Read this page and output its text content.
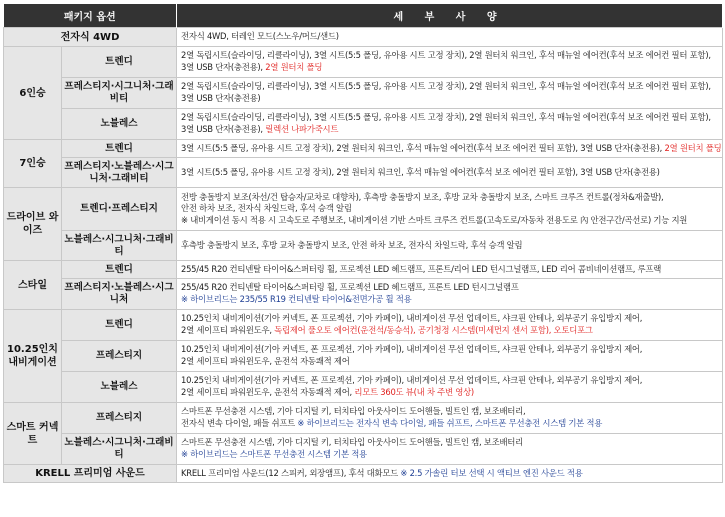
패키지 옵션		세 부 사 양
전자식 4WD		전자식 4WD, 터레인 모드(스노우/머드/샌드)
6인승	트렌디	2열 독립시트(슬라이딩, 리클라이닝), 3열 시트(5:5 폴딩, 유아용 시트 고정 장치), 2열 원터치 워크인, 후석 매뉴얼 에어컨(후석 보조 에어컨 필터 포함),
3열 USB 단자(충전용), 2열 원터치 폴딩

	프레스티지·시그니처·그래비티	2열 독립시트(슬라이딩, 리클라이닝), 3열 시트(5:5 폴딩, 유아용 시트 고정 장치), 2열 원터치 워크인, 후석 매뉴얼 에어컨(후석 보조 에어컨 필터 포함),
3열 USB 단자(충전용)

	노블레스	2열 독립시트(슬라이딩, 리클라이닝), 3열 시트(5:5 폴딩, 유아용 시트 고정 장치), 2열 원터치 워크인, 후석 매뉴얼 에어컨(후석 보조 에어컨 필터 포함),
3열 USB 단자(충전용), 릴렉션 나파가죽시트

7인승	트렌디	3열 시트(5:5 폴딩, 유아용 시트 고정 장치), 2열 원터치 워크인, 후석 매뉴얼 에어컨(후석 보조 에어컨 필터 포함), 3열 USB 단자(충전용), 2열 원터치 폴딩

	프레스티지·노블레스·시그니처·그래비티	3열 시트(5:5 폴딩, 유아용 시트 고정 장치), 2열 원터치 워크인, 후석 매뉴얼 에어컨(후석 보조 에어컨 필터 포함), 3열 USB 단자(충전용)
드라이브 와이즈	트렌디·프레스티지	전방 충돌방지 보조(차선/건 탑승자/교차로 대향차), 후측방 충돌방지 보조, 후방 교차 충돌방지 보조, 스마트 크루즈 컨트롤(정차&재출발),
안전 하차 보조, 전자식 차일드락, 후석 승객 알림
※ 내비게이션 동시 적용 시 고속도로 주행보조, 내비게이션 기반 스마트 크루즈 컨트롤(고속도로/자동차 전용도로 內 안전구간/곡선로) 기능 지원

	노블레스·시그니처·그래비티	후측방 충돌방지 보조, 후방 교차 충돌방지 보조, 안전 하차 보조, 전자식 차일드락, 후석 승객 알림
스타일	트렌디	255/45 R20 컨티넨탈 타이어&스퍼터링 휠, 프로젝션 LED 헤드램프, 프론트/리어 LED 턴시그널램프, LED 리어 콤비네이션램프, 루프랙
	프레스티지·노블레스·시그니처	255/45 R20 컨티넨탈 타이어&스퍼터링 휠, 프로젝션 LED 헤드램프, 프론트 LED 턴시그널램프
※ 하이브리드는 235/55 R19 컨티넨탈 타이어&전면가공 휠 적용

10.25인치 내비게이션	트렌디	10.25인치 내비게이션(기아 커넥트, 폰 프로젝션, 기아 카페이), 내비게이션 무선 업데이트, 샤크핀 안테나, 외부공기 유입방지 제어,
2열 세이프티 파워윈도우, 독립제어 풀오토 에어컨(운전석/동승석), 공기청정 시스템(미세먼지 센서 포함), 오토디포그

	프레스티지	10.25인치 내비게이션(기아 커넥트, 폰 프로젝션, 기아 카페이), 내비게이션 무선 업데이트, 샤크핀 안테나, 외부공기 유입방지 제어,
2열 세이프티 파워윈도우, 운전석 자동쾌적 제어

	노블레스	10.25인치 내비게이션(기아 커넥트, 폰 프로젝션, 기아 카페이), 내비게이션 무선 업데이트, 샤크핀 안테나, 외부공기 유입방지 제어,
2열 세이프티 파워윈도우, 운전석 자동쾌적 제어, 리모트 360도 뷰(내 차 주변 영상)

스마트 커넥트	프레스티지	스마트폰 무선충전 시스템, 기아 디지털 키, 터치타입 아웃사이드 도어핸들, 빌트인 캠, 보조배터리,
전자식 변속 다이얼, 패들 쉬프트 ※ 하이브리드는 전자식 변속 다이얼, 패들 쉬프트, 스마트폰 무선충전 시스템 기본 적용

	노블레스·시그니처·그래비티	스마트폰 무선충전 시스템, 기아 디지털 키, 터치타입 아웃사이드 도어핸들, 빌트인 캠, 보조배터리
※ 하이브리드는 스마트폰 무선충전 시스템 기본 적용

KRELL 프리미엄 사운드		KRELL 프리미엄 사운드(12 스피커, 외장앰프), 후석 대화모드 ※ 2.5 가솔린 터보 선택 시 액티브 엔진 사운드 적용
